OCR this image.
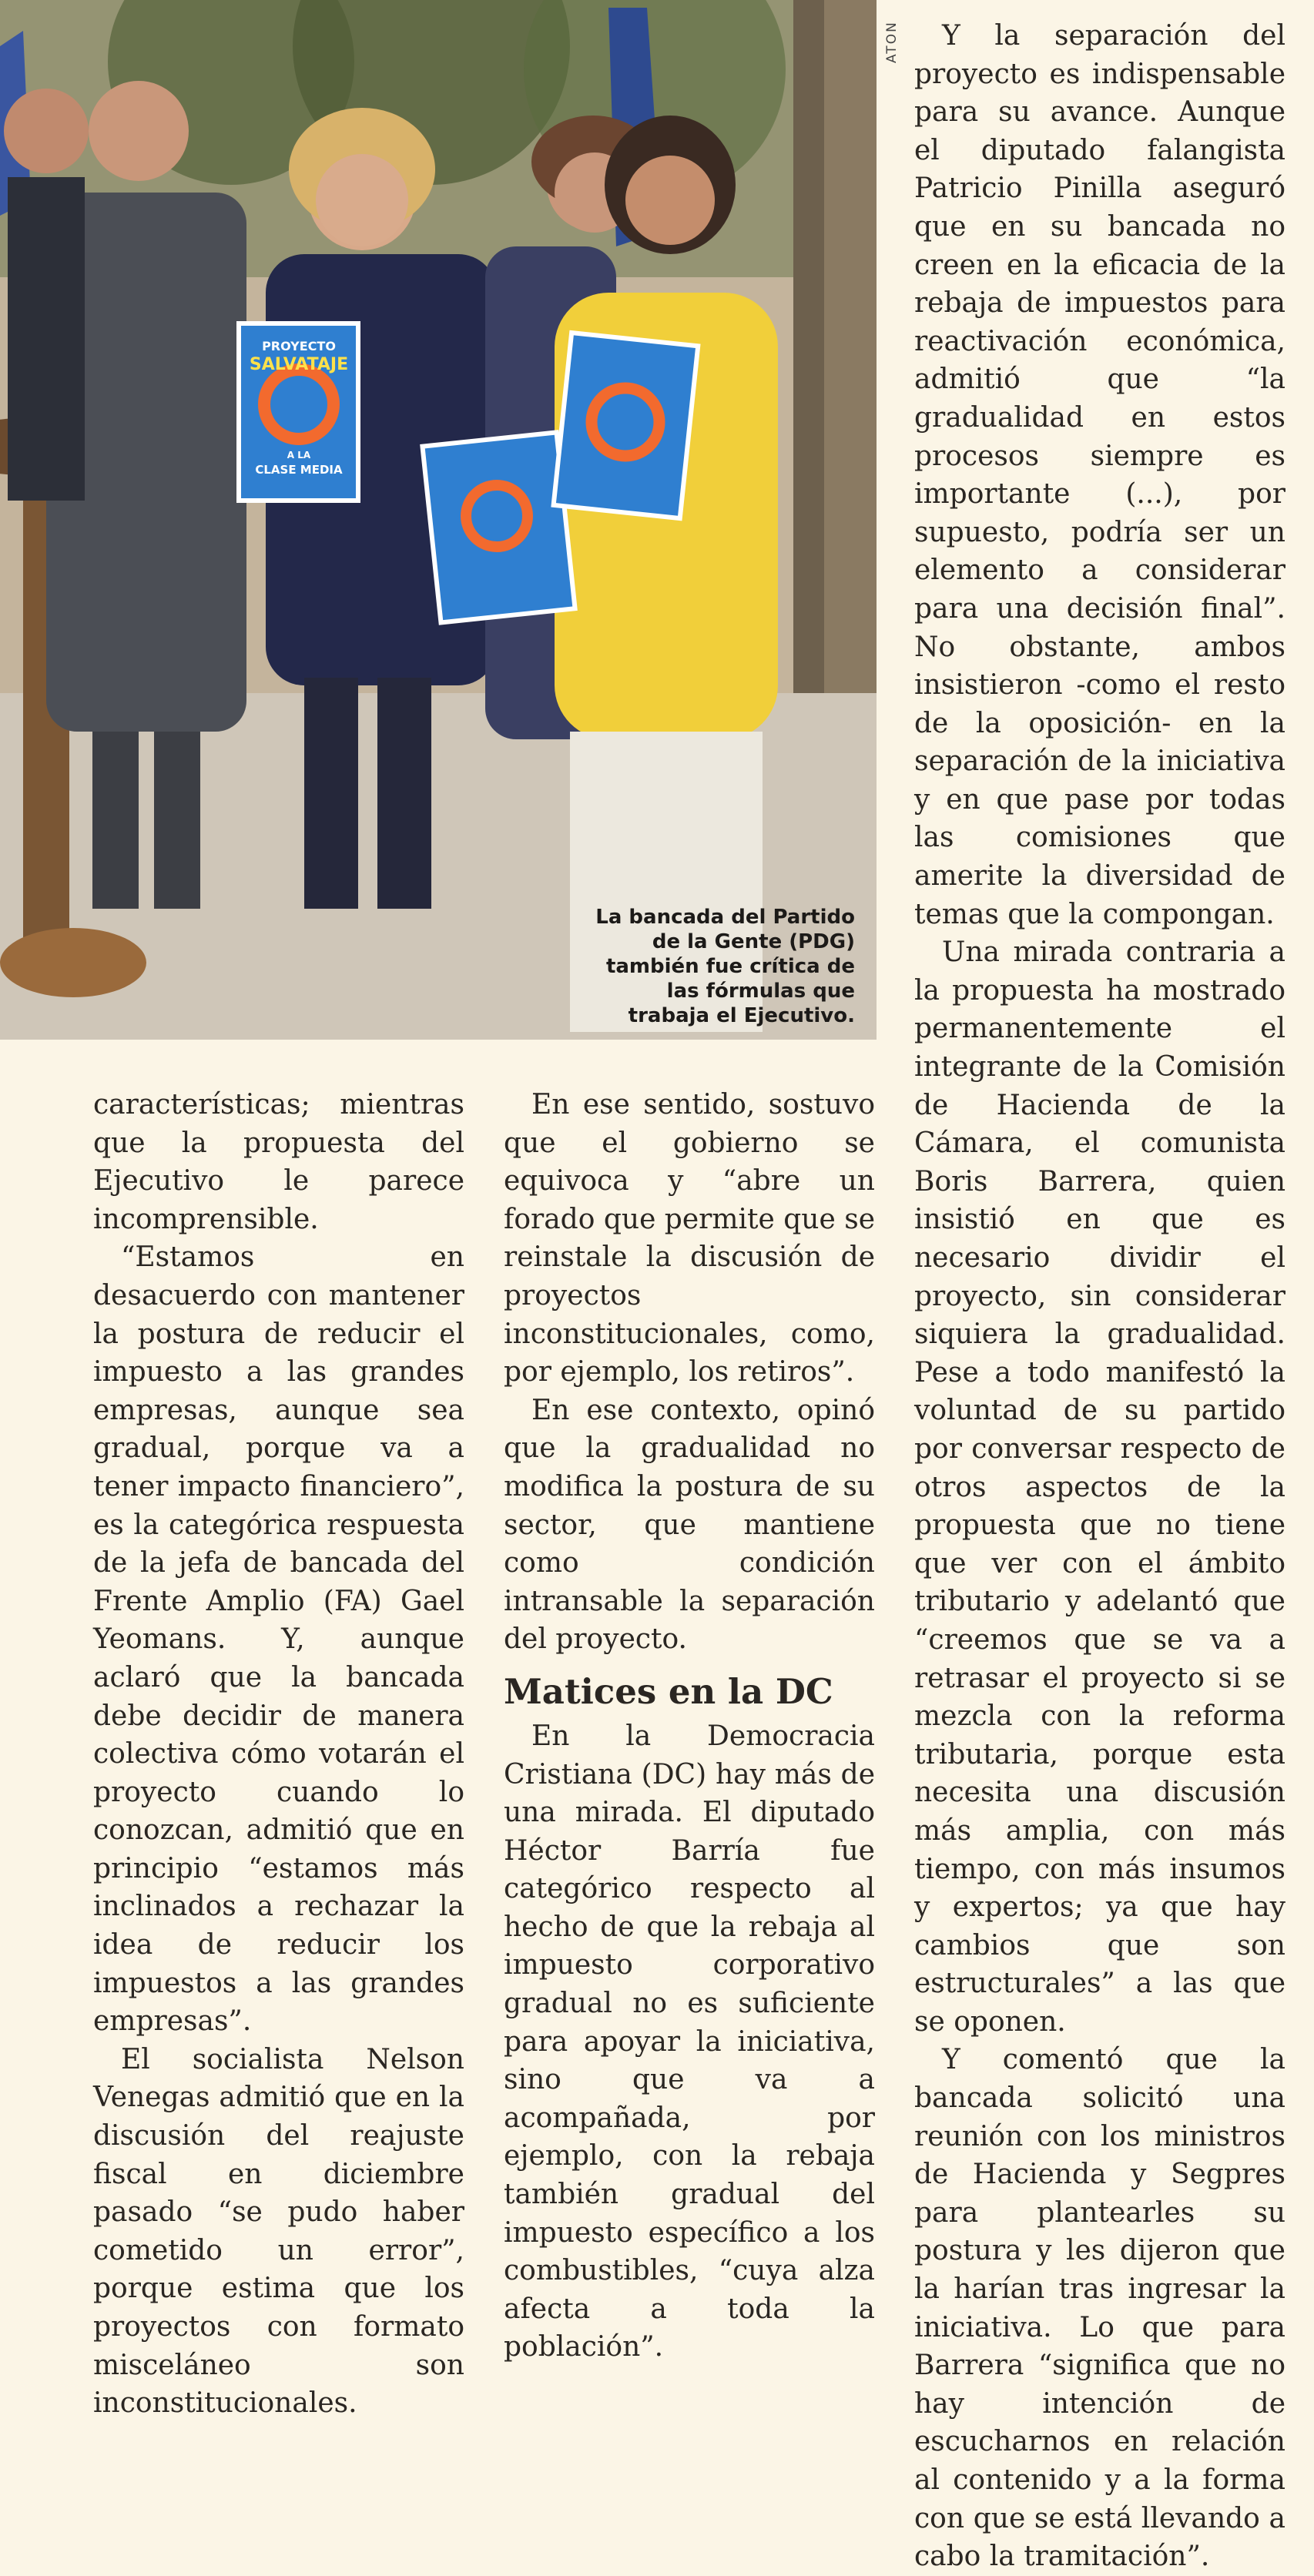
PROYECTO
SALVATAJE
A LA
CLASE MEDIA
ATON
La bancada del Partido de la Gente (PDG) también fue crítica de las fórmulas que trabaja el Ejecutivo.

características; mientras que la propuesta del Ejecutivo le parece incomprensible.

“Estamos en desacuerdo con mantener la postura de reducir el impuesto a las grandes empresas, aunque sea gradual, porque va a tener impacto financiero”, es la categórica respuesta de la jefa de bancada del Frente Amplio (FA) Gael Yeomans. Y, aunque aclaró que la bancada debe decidir de manera colectiva cómo votarán el proyecto cuando lo conozcan, admitió que en principio “estamos más inclinados a rechazar la idea de reducir los impuestos a las grandes empresas”.

El socialista Nelson Venegas admitió que en la discusión del reajuste fiscal en diciembre pasado “se pudo haber cometido un error”, porque estima que los proyectos con formato misceláneo son inconstitucionales.

En ese sentido, sostuvo que el gobierno se equivoca y “abre un forado que permite que se reinstale la discusión de proyectos inconstitucionales, como, por ejemplo, los retiros”.

En ese contexto, opinó que la gradualidad no modifica la postura de su sector, que mantiene como condición intransable la separación del proyecto.

Matices en la DC

En la Democracia Cristiana (DC) hay más de una mirada. El diputado Héctor Barría fue categórico respecto al hecho de que la rebaja al impuesto corporativo gradual no es suficiente para apoyar la iniciativa, sino que va a acompañada, por ejemplo, con la rebaja también gradual del impuesto específico a los combustibles, “cuya alza afecta a toda la población”.

Y la separación del proyecto es indispensable para su avance. Aunque el diputado falangista Patricio Pinilla aseguró que en su bancada no creen en la eficacia de la rebaja de impuestos para reactivación económica, admitió que “la gradualidad en estos procesos siempre es importante (...), por supuesto, podría ser un elemento a considerar para una decisión final”. No obstante, ambos insistieron -como el resto de la oposición- en la separación de la iniciativa y en que pase por todas las comisiones que amerite la diversidad de temas que la compongan.

Una mirada contraria a la propuesta ha mostrado permanentemente el integrante de la Comisión de Hacienda de la Cámara, el comunista Boris Barrera, quien insistió en que es necesario dividir el proyecto, sin considerar siquiera la gradualidad. Pese a todo manifestó la voluntad de su partido por conversar respecto de otros aspectos de la propuesta que no tiene que ver con el ámbito tributario y adelantó que “creemos que se va a retrasar el proyecto si se mezcla con la reforma tributaria, porque esta necesita una discusión más amplia, con más tiempo, con más insumos y expertos; ya que hay cambios que son estructurales” a las que se oponen.

Y comentó que la bancada solicitó una reunión con los ministros de Hacienda y Segpres para plantearles su postura y les dijeron que la harían tras ingresar la iniciativa. Lo que para Barrera “significa que no hay intención de escucharnos en relación al contenido y a la forma con que se está llevando a cabo la tramitación”.
